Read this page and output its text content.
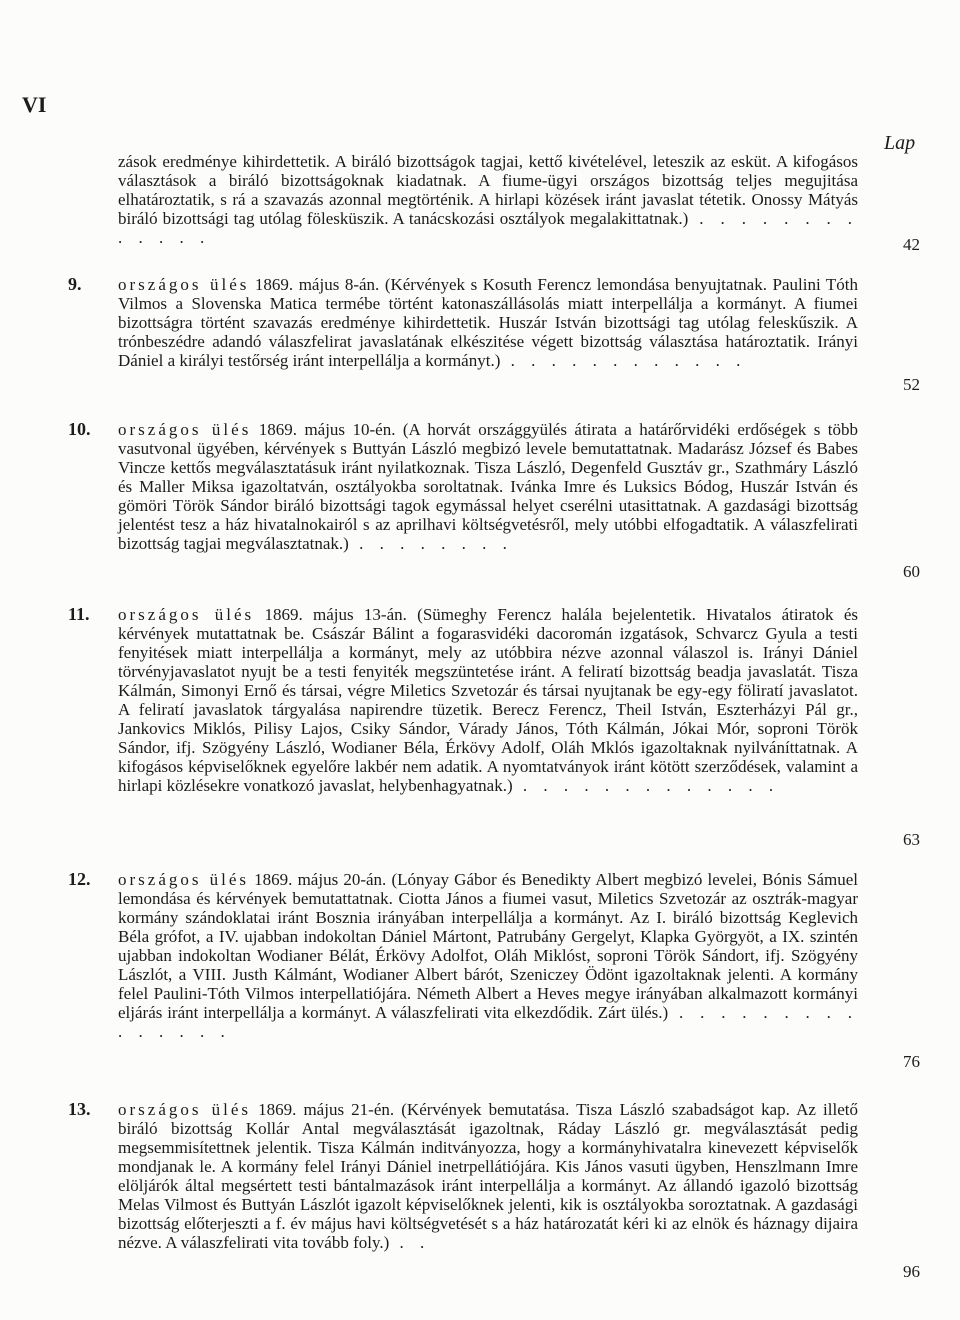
VI
Lap
zások eredménye kihirdettetik. A biráló bizottságok tagjai, kettő kivételével, leteszik az esküt. A kifogásos választások a biráló bizottságoknak kiadatnak. A fiume-ügyi országos bizottság teljes megujitása elhatároztatik, s rá a szavazás azonnal megtörténik. A hirlapi közések iránt javaslat tétetik. Onossy Mátyás biráló bizottsági tag utólag fölesküszik. A tanácskozási osztályok megalakittatnak.) . . . . . . . . . . . . .	42
9. országos ülés 1869. május 8-án. (Kérvények s Kosuth Ferencz lemondása benyujtatnak. Paulini Tóth Vilmos a Slovenska Matica termébe történt katonaszállásolás miatt interpellálja a kormányt. A fiumei bizottságra történt szavazás eredménye kihirdettetik. Huszár István bizottsági tag utólag feleskűszik. A trónbeszédre adandó válaszfelirat javaslatának elkészitése végett bizottság választása határoztatik. Irányi Dániel a királyi testőrség iránt interpellálja a kormányt.) . . . . . . . . . . . .
52
10. országos ülés 1869. május 10-én. (A horvát országgyülés átirata a határőrvidéki erdőségek s több vasutvonal ügyében, kérvények s Buttyán László megbizó levele bemutattatnak. Madarász József és Babes Vincze kettős megválasztatásuk iránt nyilatkoznak. Tisza László, Degenfeld Gusztáv gr., Szathmáry László és Maller Miksa igazoltatván, osztályokba soroltatnak. Ivánka Imre és Luksics Bódog, Huszár István és gömöri Török Sándor biráló bizottsági tagok egymással helyet cserélni utasittatnak. A gazdasági bizottság jelentést tesz a ház hivatalnokairól s az aprilhavi költségvetésről, mely utóbbi elfogadtatik. A válaszfelirati bizottság tagjai megválasztatnak.) . . . . . . . .
60
11. országos ülés 1869. május 13-án. (Sümeghy Ferencz halála bejelentetik. Hivatalos átiratok és kérvények mutattatnak be. Császár Bálint a fogarasvidéki dacoromán izgatások, Schvarcz Gyula a testi fenyitések miatt interpellálja a kormányt, mely az utóbbira nézve azonnal válaszol is. Irányi Dániel törvényjavaslatot nyujt be a testi fenyiték megszüntetése iránt. A feliratí bizottság beadja javaslatát. Tisza Kálmán, Simonyi Ernő és társai, végre Miletics Szvetozár és társai nyujtanak be egy-egy föliratí javaslatot. A feliratí javaslatok tárgyalása napirendre tüzetik. Berecz Ferencz, Theil István, Eszterházyi Pál gr., Jankovics Miklós, Pilisy Lajos, Csiky Sándor, Várady János, Tóth Kálmán, Jókai Mór, soproni Török Sándor, ifj. Szögyény László, Wodianer Béla, Érkövy Adolf, Oláh Mklós igazoltaknak nyilváníttatnak. A kifogásos képviselőknek egyelőre lakbér nem adatik. A nyomtatványok iránt kötött szerződések, valamint a hirlapi közlésekre vonatkozó javaslat, helybenhagyatnak.) . . . . . . . . . . . . .
63
12. országos ülés 1869. május 20-án. (Lónyay Gábor és Benedikty Albert megbizó levelei, Bónis Sámuel lemondása és kérvények bemutattatnak. Ciotta János a fiumei vasut, Miletics Szvetozár az osztrák-magyar kormány szándoklatai iránt Bosznia irányában interpellálja a kormányt. Az I. biráló bizottság Keglevich Béla grófot, a IV. ujabban indokoltan Dániel Mártont, Patrubány Gergelyt, Klapka Györgyöt, a IX. szintén ujabban indokoltan Wodianer Bélát, Érkövy Adolfot, Oláh Miklóst, soproni Török Sándort, ifj. Szögyény Lászlót, a VIII. Justh Kálmánt, Wodianer Albert bárót, Szeniczey Ödönt igazoltaknak jelenti. A kormány felel Paulini-Tóth Vilmos interpellatiójára. Németh Albert a Heves megye irányában alkalmazott kormányi eljárás iránt interpellálja a kormányt. A válaszfelirati vita elkezdődik. Zárt ülés.) . . . . . . . . . . . . . . .
76
13. országos ülés 1869. május 21-én. (Kérvények bemutatása. Tisza László szabadságot kap. Az illető biráló bizottság Kollár Antal megválasztását igazoltnak, Ráday László gr. megválasztását pedig megsemmisítettnek jelentik. Tisza Kálmán inditványozza, hogy a kormányhivatalra kinevezett képviselők mondjanak le. A kormány felel Irányi Dániel inetrpellátiójára. Kis János vasuti ügyben, Henszlmann Imre elöljárók által megsértett testi bántalmazások iránt interpellálja a kormányt. Az állandó igazoló bizottság Melas Vilmost és Buttyán Lászlót igazolt képviselőknek jelenti, kik is osztályokba soroztatnak. A gazdasági bizottság előterjeszti a f. év május havi költségvetését s a ház határozatát kéri ki az elnök és háznagy dijaira nézve. A válaszfelirati vita tovább foly.) . .
96
